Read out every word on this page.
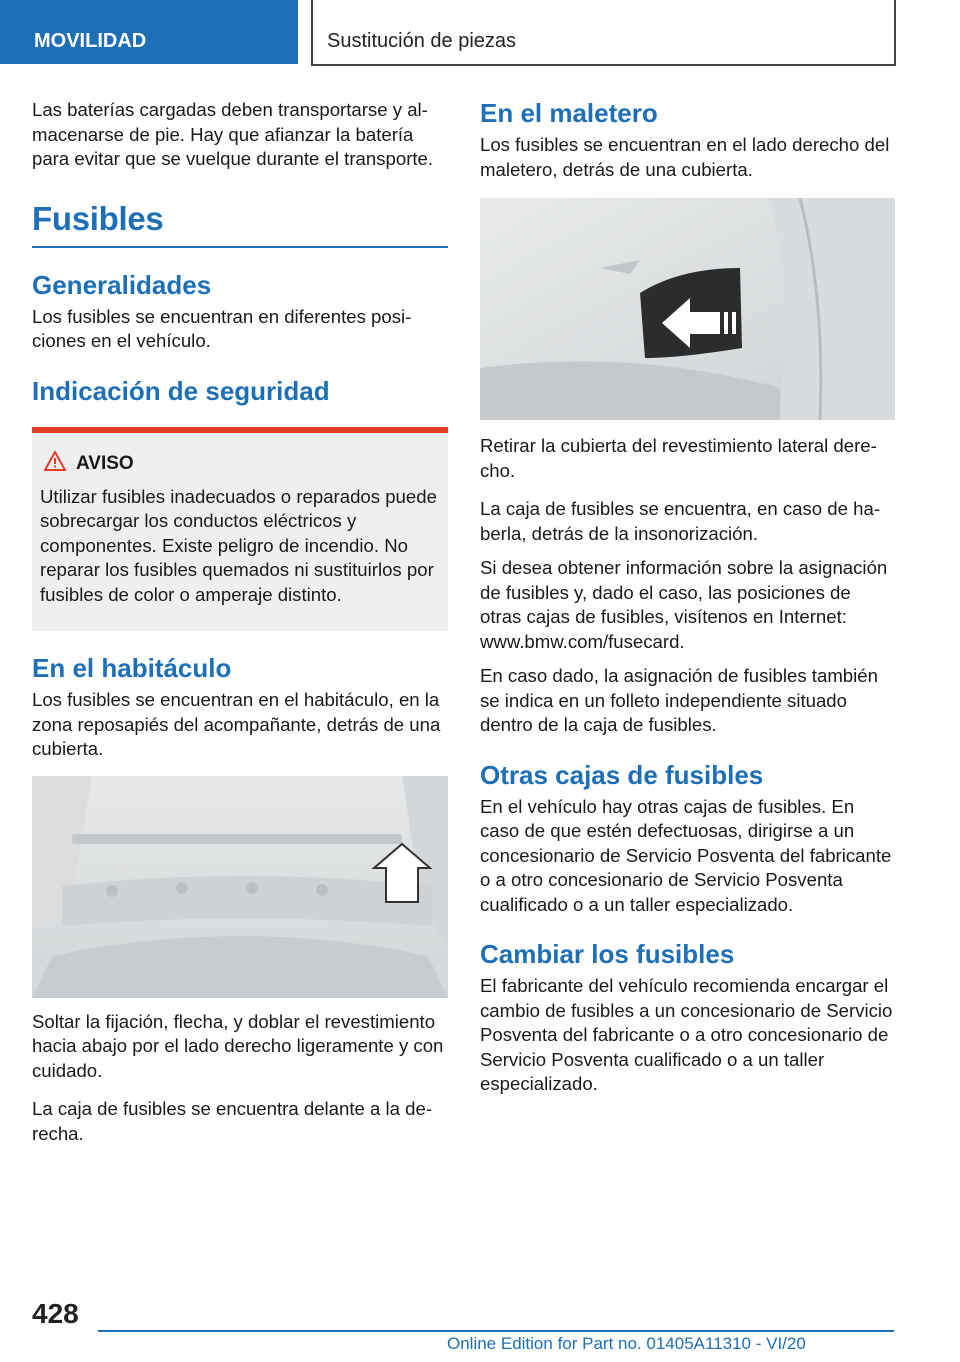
MOVILIDAD	Sustitución de piezas

Las baterías cargadas deben transportarse y almacenarse de pie. Hay que afianzar la batería para evitar que se vuelque durante el transporte.

Fusibles
Generalidades

Los fusibles se encuentran en diferentes posiciones en el vehículo.

Indicación de seguridad
AVISO

Utilizar fusibles inadecuados o reparados puede sobrecargar los conductos eléctricos y componentes. Existe peligro de incendio. No reparar los fusibles quemados ni sustituirlos por fusibles de color o amperaje distinto.

En el habitáculo

Los fusibles se encuentran en el habitáculo, en la zona reposapiés del acompañante, detrás de una cubierta.

Soltar la fijación, flecha, y doblar el revestimiento hacia abajo por el lado derecho ligeramente y con cuidado.

La caja de fusibles se encuentra delante a la derecha.

En el maletero

Los fusibles se encuentran en el lado derecho del maletero, detrás de una cubierta.

Retirar la cubierta del revestimiento lateral derecho.

La caja de fusibles se encuentra, en caso de haberla, detrás de la insonorización.

Si desea obtener información sobre la asignación de fusibles y, dado el caso, las posiciones de otras cajas de fusibles, visítenos en Internet: www.bmw.com/fusecard.

En caso dado, la asignación de fusibles también se indica en un folleto independiente situado dentro de la caja de fusibles.

Otras cajas de fusibles

En el vehículo hay otras cajas de fusibles. En caso de que estén defectuosas, dirigirse a un concesionario de Servicio Posventa del fabricante o a otro concesionario de Servicio Posventa cualificado o a un taller especializado.

Cambiar los fusibles

El fabricante del vehículo recomienda encargar el cambio de fusibles a un concesionario de Servicio Posventa del fabricante o a otro concesionario de Servicio Posventa cualificado o a un taller especializado.

428
Online Edition for Part no. 01405A11310 - VI/20
